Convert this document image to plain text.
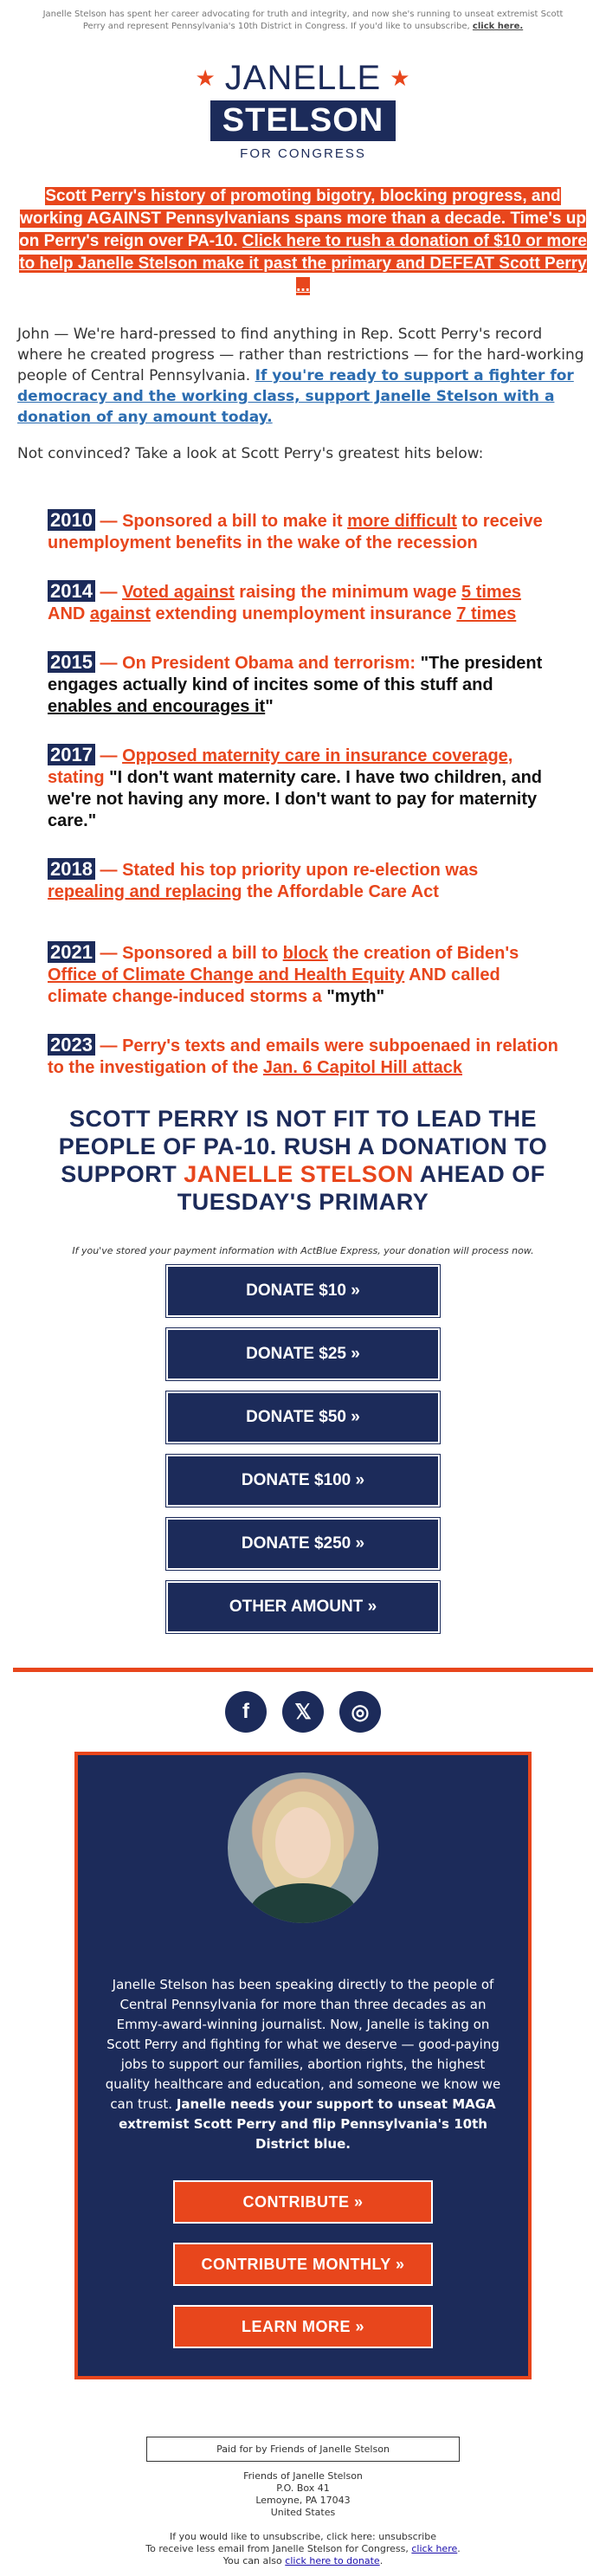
Janelle Stelson has spent her career advocating for truth and integrity, and now she's running to unseat extremist Scott Perry and represent Pennsylvania's 10th District in Congress. If you'd like to unsubscribe, click here.
★ JANELLE ★
STELSON
FOR CONGRESS
Scott Perry's history of promoting bigotry, blocking progress, and working AGAINST Pennsylvanians spans more than a decade. Time's up on Perry's reign over PA-10. Click here to rush a donation of $10 or more to help Janelle Stelson make it past the primary and DEFEAT Scott Perry ...

John — We're hard-pressed to find anything in Rep. Scott Perry's record where he created progress — rather than restrictions — for the hard-working people of Central Pennsylvania. If you're ready to support a fighter for democracy and the working class, support Janelle Stelson with a donation of any amount today.

Not convinced? Take a look at Scott Perry's greatest hits below:

2010 — Sponsored a bill to make it more difficult to receive unemployment benefits in the wake of the recession
2014 — Voted against raising the minimum wage 5 times AND against extending unemployment insurance 7 times
2015 — On President Obama and terrorism: "The president engages actually kind of incites some of this stuff and enables and encourages it"
2017 — Opposed maternity care in insurance coverage, stating "I don't want maternity care. I have two children, and we're not having any more. I don't want to pay for maternity care."
2018 — Stated his top priority upon re-election was repealing and replacing the Affordable Care Act
2021 — Sponsored a bill to block the creation of Biden's Office of Climate Change and Health Equity AND called climate change-induced storms a "myth"
2023 — Perry's texts and emails were subpoenaed in relation to the investigation of the Jan. 6 Capitol Hill attack
SCOTT PERRY IS NOT FIT TO LEAD THE PEOPLE OF PA-10. RUSH A DONATION TO SUPPORT JANELLE STELSON AHEAD OF TUESDAY'S PRIMARY
If you've stored your payment information with ActBlue Express, your donation will process now.
DONATE $10 »
DONATE $25 »
DONATE $50 »
DONATE $100 »
DONATE $250 »
OTHER AMOUNT »
f	𝕏	◎
Janelle Stelson has been speaking directly to the people of Central Pennsylvania for more than three decades as an Emmy-award-winning journalist. Now, Janelle is taking on Scott Perry and fighting for what we deserve — good-paying jobs to support our families, abortion rights, the highest quality healthcare and education, and someone we know we can trust. Janelle needs your support to unseat MAGA extremist Scott Perry and flip Pennsylvania's 10th District blue.
CONTRIBUTE »
CONTRIBUTE MONTHLY »
LEARN MORE »
Paid for by Friends of Janelle Stelson
Friends of Janelle Stelson
P.O. Box 41
Lemoyne, PA 17043
United States
If you would like to unsubscribe, click here: unsubscribe
To receive less email from Janelle Stelson for Congress, click here.
You can also click here to donate.
